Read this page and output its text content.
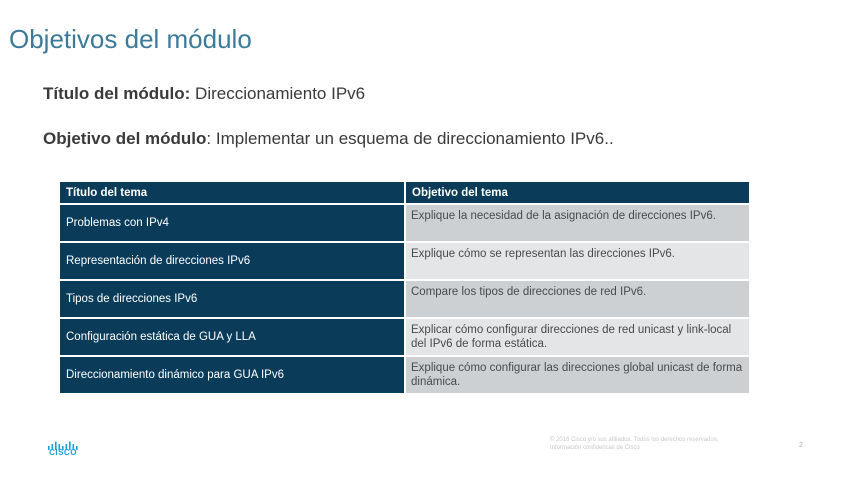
Objetivos del módulo
Título del módulo: Direccionamiento IPv6
Objetivo del módulo: Implementar un esquema de direccionamiento IPv6..
Título del tema	Objetivo del tema
Problemas con IPv4	Explique la necesidad de la asignación de direcciones IPv6.
Representación de direcciones IPv6	Explique cómo se representan las direcciones IPv6.
Tipos de direcciones IPv6	Compare los tipos de direcciones de red IPv6.
Configuración estática de GUA y LLA	Explicar cómo configurar direcciones de red unicast y link-local del IPv6 de forma estática.
Direccionamiento dinámico para GUA IPv6	Explique cómo configurar las direcciones global unicast de forma dinámica.
CISCO
© 2016 Cisco y/o sus afiliados. Todos los derechos reservados.
Información confidencial de Cisco	2
